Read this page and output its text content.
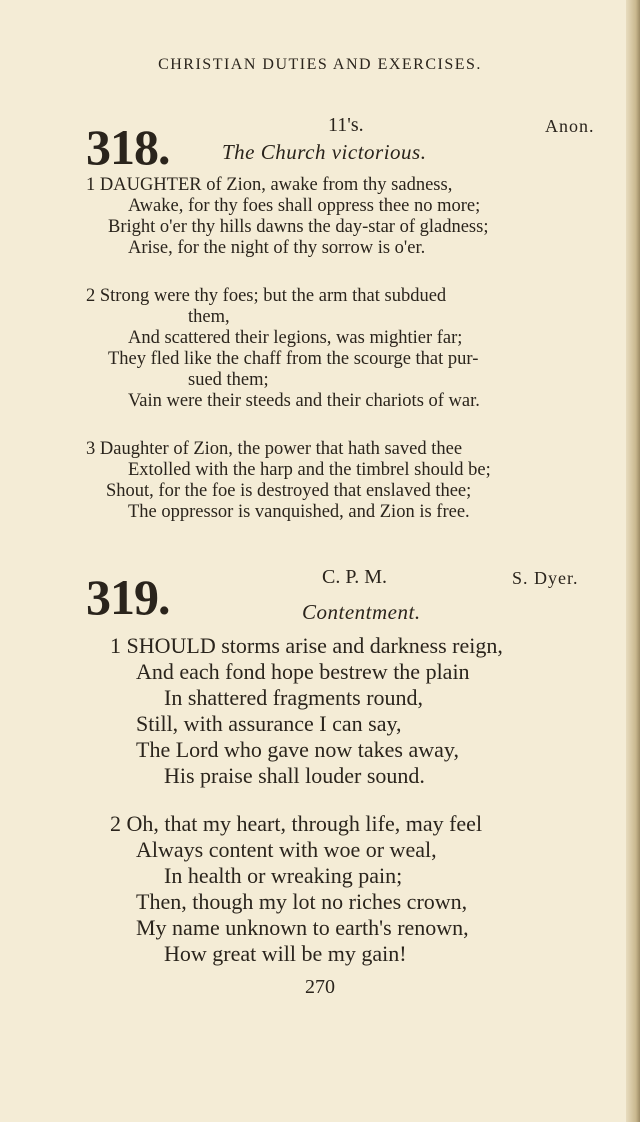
CHRISTIAN DUTIES AND EXERCISES.
318.	11's.	Anon.
The Church victorious.
1 DAUGHTER of Zion, awake from thy sadness,
Awake, for thy foes shall oppress thee no more;
Bright o'er thy hills dawns the day-star of gladness;
Arise, for the night of thy sorrow is o'er.
2 Strong were thy foes; but the arm that subdued
them,
And scattered their legions, was mightier far;
They fled like the chaff from the scourge that pur-
sued them;
Vain were their steeds and their chariots of war.
3 Daughter of Zion, the power that hath saved thee
Extolled with the harp and the timbrel should be;
Shout, for the foe is destroyed that enslaved thee;
The oppressor is vanquished, and Zion is free.
319.	C. P. M.	S. Dyer.
Contentment.
1 SHOULD storms arise and darkness reign,
And each fond hope bestrew the plain
In shattered fragments round,
Still, with assurance I can say,
The Lord who gave now takes away,
His praise shall louder sound.
2 Oh, that my heart, through life, may feel
Always content with woe or weal,
In health or wreaking pain;
Then, though my lot no riches crown,
My name unknown to earth's renown,
How great will be my gain!
270
